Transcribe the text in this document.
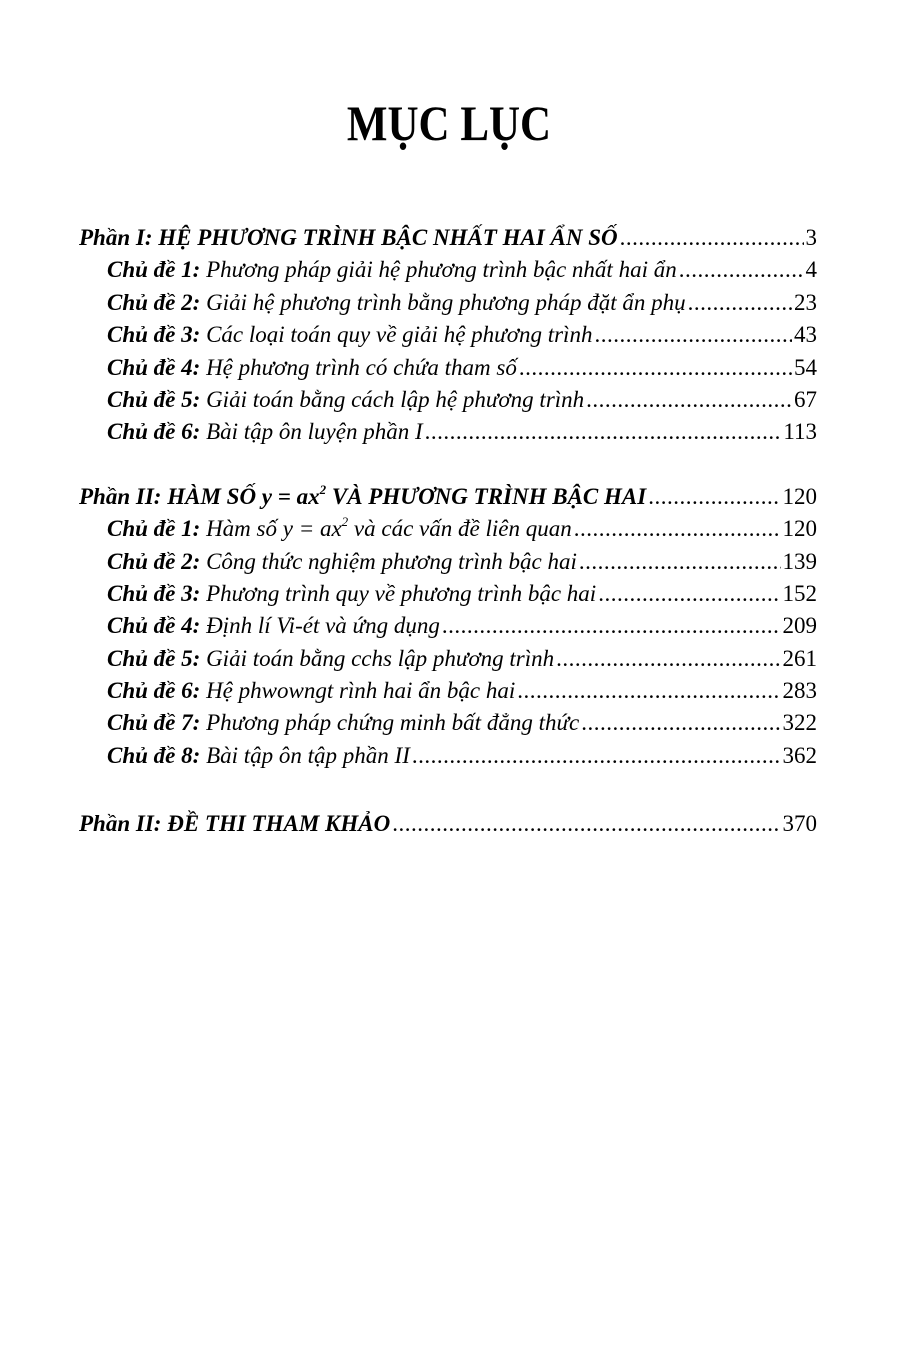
MỤC LỤC
Phần I : HỆ PHƯƠNG TRÌNH BẬC NHẤT HAI ẨN SỐ .....	3
Chủ đề 1 : Phương pháp giải hệ phương trình bậc nhất hai ẩn .....	4
Chủ đề 2 : Giải hệ phương trình bằng phương pháp đặt ẩn phụ .....	23
Chủ đề 3 : Các loại toán quy về giải hệ phương trình .....	43
Chủ đề 4 : Hệ phương trình có chứa tham số .....	54
Chủ đề 5 : Giải toán bằng cách lập hệ phương trình .....	67
Chủ đề 6 : Bài tập ôn luyện phần I .....	113
Phần II : HÀM SỐ $y = ax^2$ VÀ PHƯƠNG TRÌNH BẬC HAI .....	120
Chủ đề 1 : Hàm số $y = ax^2$ và các vấn đề liên quan .....	120
Chủ đề 2 : Công thức nghiệm phương trình bậc hai .....	139
Chủ đề 3 : Phương trình quy về phương trình bậc hai .....	152
Chủ đề 4 : Định lí Vi-ét và ứng dụng .....	209
Chủ đề 5 : Giải toán bằng cchs lập phương trình .....	261
Chủ đề 6 : Hệ phwowngt rình hai ẩn bậc hai .....	283
Chủ đề 7 : Phương pháp chứng minh bất đẳng thức .....	322
Chủ đề 8 : Bài tập ôn tập phần II .....	362
Phần II : ĐỀ THI THAM KHẢO .....	370
